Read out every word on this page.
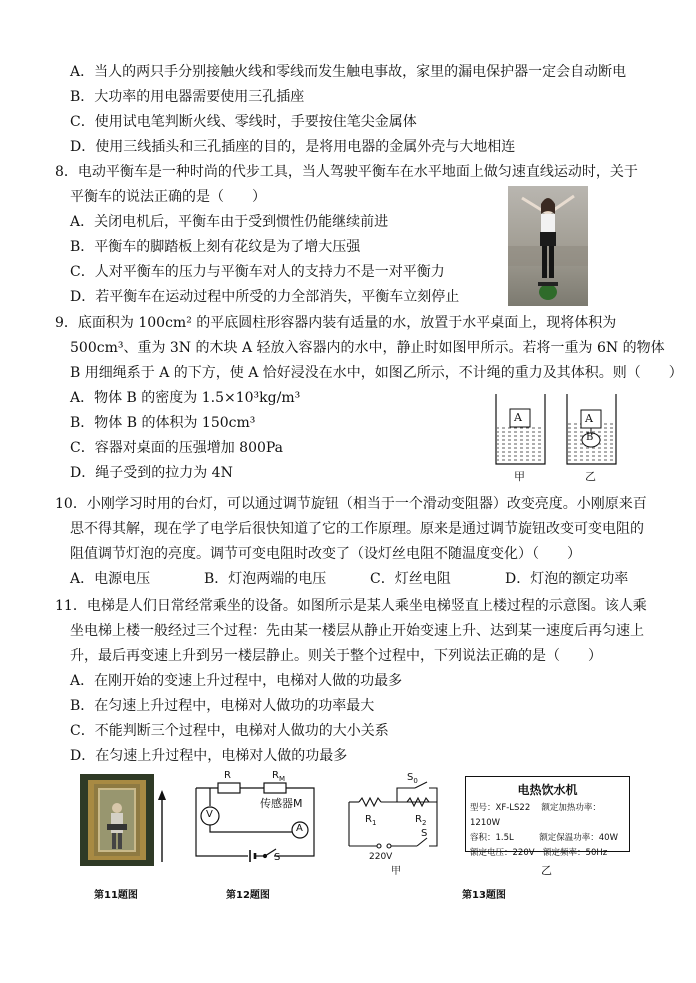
A．当人的两只手分别接触火线和零线而发生触电事故，家里的漏电保护器一定会自动断电
B．大功率的用电器需要使用三孔插座
C．使用试电笔判断火线、零线时，手要按住笔尖金属体
D．使用三线插头和三孔插座的目的，是将用电器的金属外壳与大地相连
8．电动平衡车是一种时尚的代步工具，当人驾驶平衡车在水平地面上做匀速直线运动时，关于
平衡车的说法正确的是（　　）
A．关闭电机后，平衡车由于受到惯性仍能继续前进
B．平衡车的脚踏板上刻有花纹是为了增大压强
C．人对平衡车的压力与平衡车对人的支持力不是一对平衡力
D．若平衡车在运动过程中所受的力全部消失，平衡车立刻停止
9．底面积为 100cm² 的平底圆柱形容器内装有适量的水，放置于水平桌面上，现将体积为
500cm³、重为 3N 的木块 A 轻放入容器内的水中，静止时如图甲所示。若将一重为 6N 的物体
B 用细绳系于 A 的下方，使 A 恰好浸没在水中，如图乙所示，不计绳的重力及其体积。则（　　）
A．物体 B 的密度为 1.5×10³kg/m³
B．物体 B 的体积为 150cm³
C．容器对桌面的压强增加 800Pa
D．绳子受到的拉力为 4N
A	A
B
甲	乙
10．小刚学习时用的台灯，可以通过调节旋钮（相当于一个滑动变阻器）改变亮度。小刚原来百
思不得其解，现在学了电学后很快知道了它的工作原理。原来是通过调节旋钮改变可变电阻的
阻值调节灯泡的亮度。调节可变电阻时改变了（设灯丝电阻不随温度变化）（　　）
A．电源电压	B．灯泡两端的电压	C．灯丝电阻	D．灯泡的额定功率
11．电梯是人们日常经常乘坐的设备。如图所示是某人乘坐电梯竖直上楼过程的示意图。该人乘
坐电梯上楼一般经过三个过程：先由某一楼层从静止开始变速上升、达到某一速度后再匀速上
升，最后再变速上升到另一楼层静止。则关于整个过程中，下列说法正确的是（　　）
A．在刚开始的变速上升过程中，电梯对人做的功最多
B．在匀速上升过程中，电梯对人做功的功率最大
C．不能判断三个过程中，电梯对人做功的大小关系
D．在匀速上升过程中，电梯对人做的功最多
R	$R_M$
传感器M
V
A
S
$S_0$
$R_1$	$R_2$
S
220V
甲
电热饮水机
型号：XF-LS22　 额定加热功率：1210W
容积：1.5L　　　额定保温功率：40W
额定电压：220V　额定频率：50Hz
乙
第11题图	第12题图	第13题图
